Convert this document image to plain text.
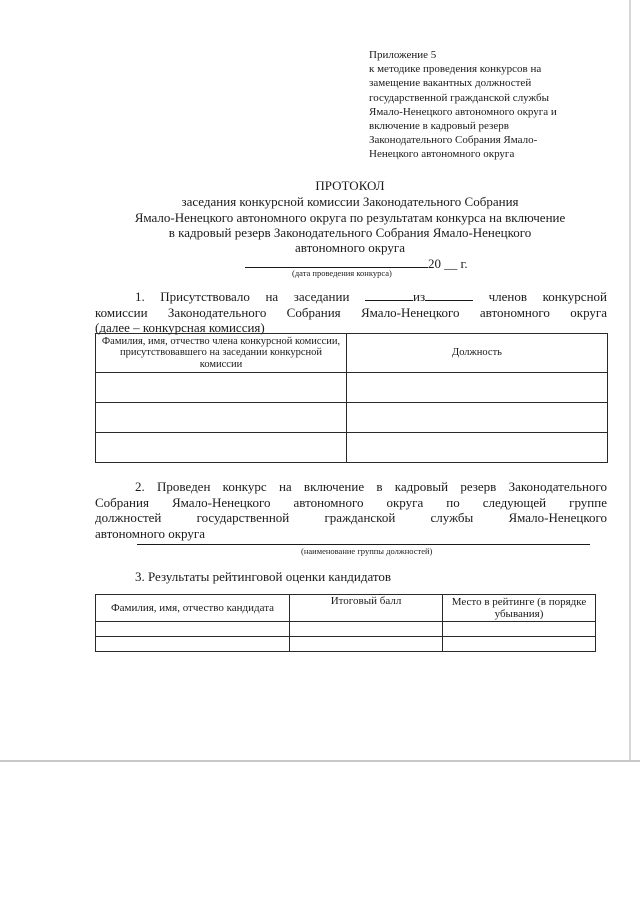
Приложение 5
к методике проведения конкурсов на
замещение вакантных должностей
государственной гражданской службы
Ямало-Ненецкого автономного округа и
включение в кадровый резерв
Законодательного Собрания Ямало-
Ненецкого автономного округа
ПРОТОКОЛ
заседания конкурсной комиссии Законодательного Собрания
Ямало-Ненецкого автономного округа по результатам конкурса на включение
в кадровый резерв Законодательного Собрания Ямало-Ненецкого
автономного округа
20 __ г.
(дата проведения конкурса)
1. Присутствовало на заседании	из	членов конкурсной
комиссии Законодательного Собрания Ямало-Ненецкого автономного округа
(далее – конкурсная комиссия)
Фамилия, имя, отчество члена конкурсной комиссии, присутствовавшего на заседании конкурсной комиссии	Должность

2. Проведен конкурс на включение в кадровый резерв Законодательного
Собрания Ямало-Ненецкого автономного округа по следующей группе
должностей государственной гражданской службы Ямало-Ненецкого
автономного округа
(наименование группы должностей)
3. Результаты рейтинговой оценки кандидатов
Фамилия, имя, отчество кандидата	Итоговый балл	Место в рейтинге (в порядке убывания)
